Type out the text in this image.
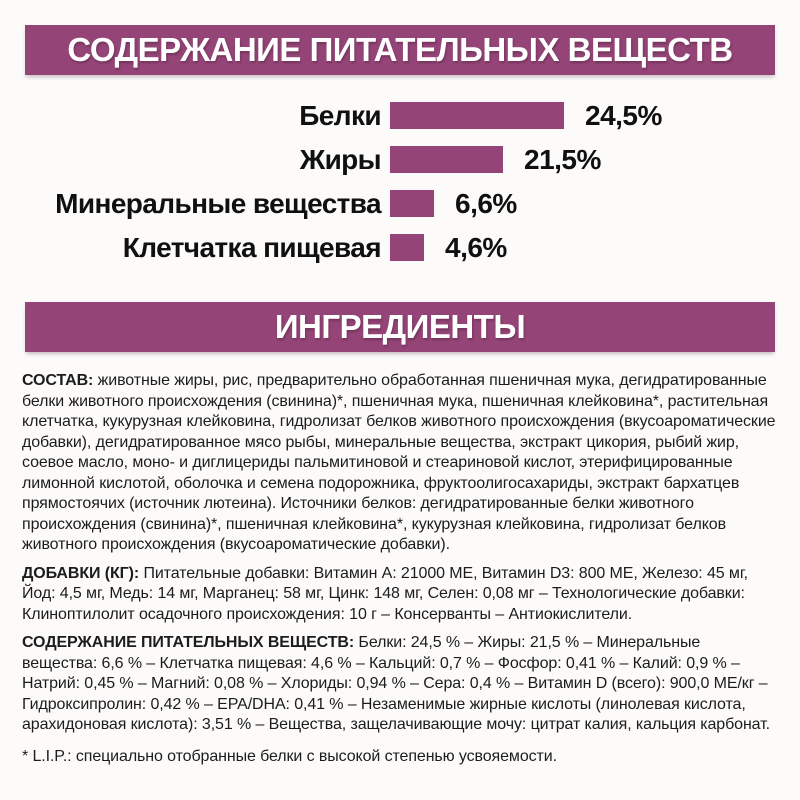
СОДЕРЖАНИЕ ПИТАТЕЛЬНЫХ ВЕЩЕСТВ
Белки	24,5%
Жиры	21,5%
Минеральные вещества	6,6%
Клетчатка пищевая	4,6%
ИНГРЕДИЕНТЫ

СОСТАВ: животные жиры, рис, предварительно обработанная пшеничная мука, дегидратированные белки животного происхождения (свинина)*, пшеничная мука, пшеничная клейковина*, растительная клетчатка, кукурузная клейковина, гидролизат белков животного происхождения (вкусоароматические добавки), дегидратированное мясо рыбы, минеральные вещества, экстракт цикория, рыбий жир, соевое масло, моно- и диглицериды пальмитиновой и стеариновой кислот, этерифицированные лимонной кислотой, оболочка и семена подорожника, фруктоолигосахариды, экстракт бархатцев прямостоячих (источник лютеина). Источники белков: дегидратированные белки животного происхождения (свинина)*, пшеничная клейковина*, кукурузная клейковина, гидролизат белков животного происхождения (вкусоароматические добавки).

ДОБАВКИ (КГ): Питательные добавки: Витамин A: 21000 МЕ, Витамин D3: 800 МЕ, Железо: 45 мг, Йод: 4,5 мг, Медь: 14 мг, Марганец: 58 мг, Цинк: 148 мг, Селен: 0,08 мг – Технологические добавки: Клиноптилолит осадочного происхождения: 10 г – Консерванты – Антиокислители.

СОДЕРЖАНИЕ ПИТАТЕЛЬНЫХ ВЕЩЕСТВ: Белки: 24,5 % – Жиры: 21,5 % – Минеральные вещества: 6,6 % – Клетчатка пищевая: 4,6 % – Кальций: 0,7 % – Фосфор: 0,41 % – Калий: 0,9 % – Натрий: 0,45 % – Магний: 0,08 % – Хлориды: 0,94 % – Сера: 0,4 % – Витамин D (всего): 900,0 МЕ/кг – Гидроксипролин: 0,42 % – EPA/DHA: 0,41 % – Незаменимые жирные кислоты (линолевая кислота, арахидоновая кислота): 3,51 % – Вещества, защелачивающие мочу: цитрат калия, кальция карбонат.

* L.I.P.: специально отобранные белки с высокой степенью усвояемости.
